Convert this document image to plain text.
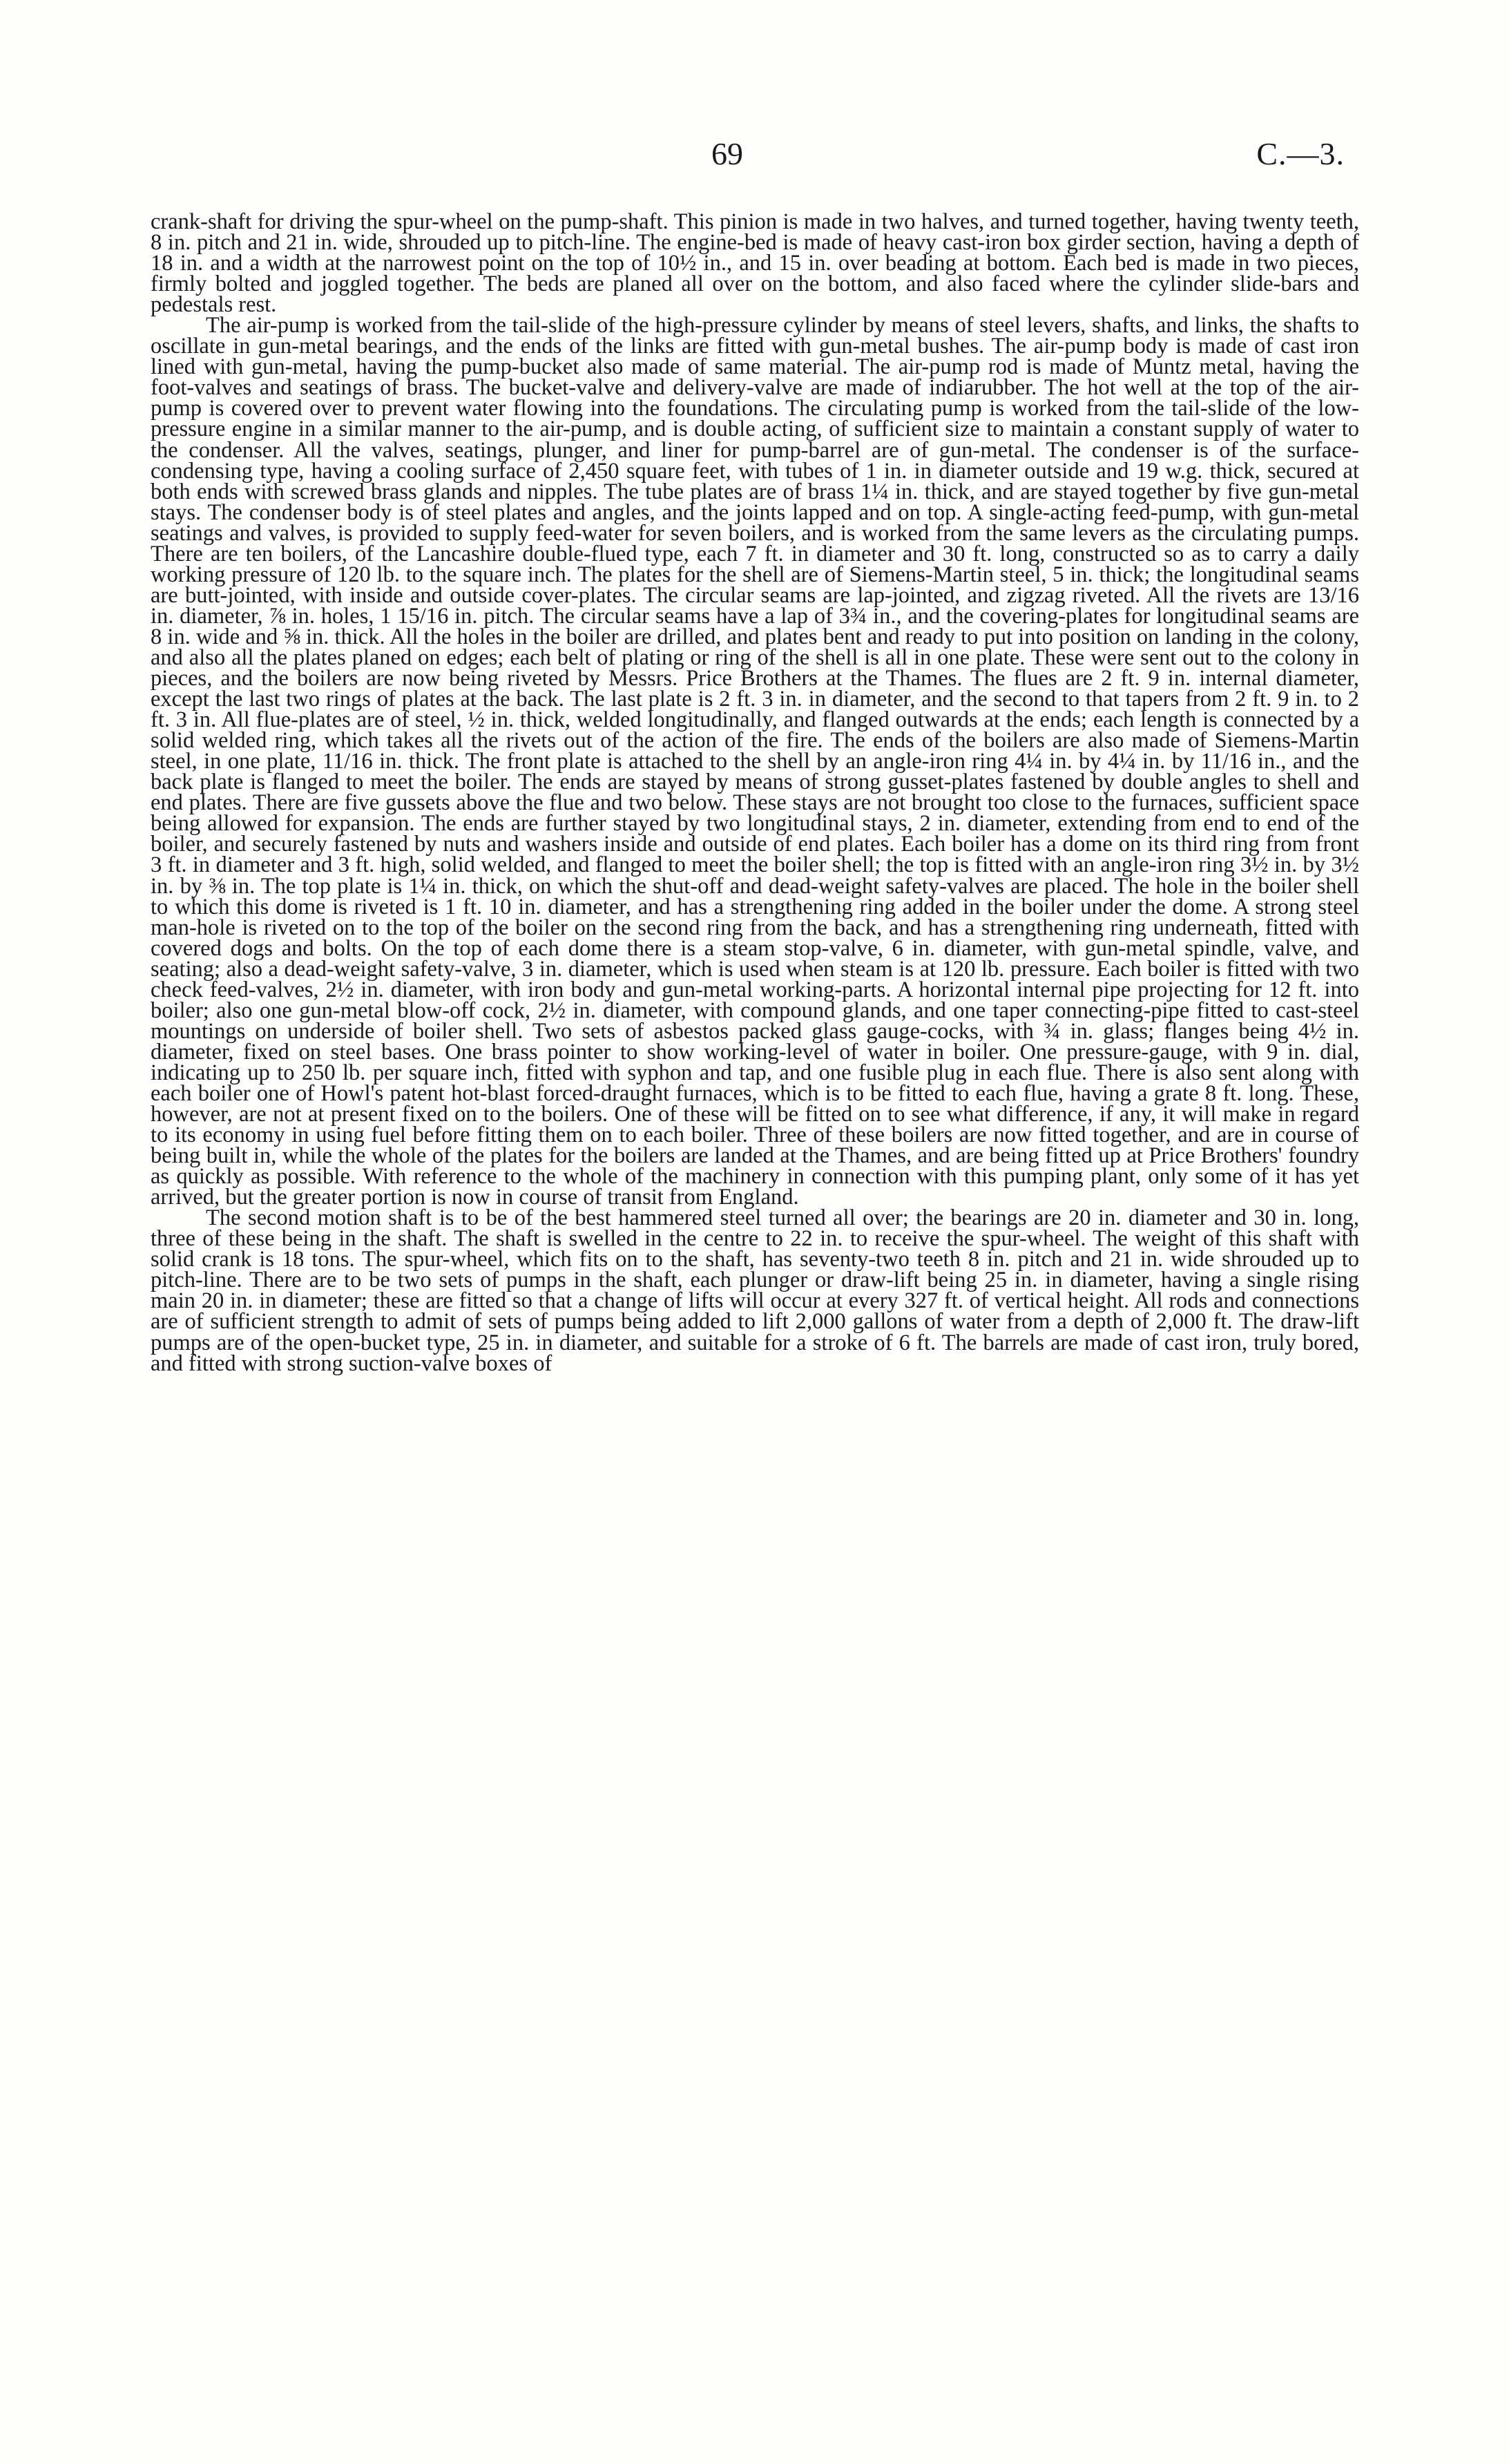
69	C.—3.

crank-shaft for driving the spur-wheel on the pump-shaft. This pinion is made in two halves, and turned together, having twenty teeth, 8 in. pitch and 21 in. wide, shrouded up to pitch-line. The engine-bed is made of heavy cast-iron box girder section, having a depth of 18 in. and a width at the narrowest point on the top of 10½ in., and 15 in. over beading at bottom. Each bed is made in two pieces, firmly bolted and joggled together. The beds are planed all over on the bottom, and also faced where the cylinder slide-bars and pedestals rest.

The air-pump is worked from the tail-slide of the high-pressure cylinder by means of steel levers, shafts, and links, the shafts to oscillate in gun-metal bearings, and the ends of the links are fitted with gun-metal bushes. The air-pump body is made of cast iron lined with gun-metal, having the pump-bucket also made of same material. The air-pump rod is made of Muntz metal, having the foot-valves and seatings of brass. The bucket-valve and delivery-valve are made of indiarubber. The hot well at the top of the air-pump is covered over to prevent water flowing into the foundations. The circulating pump is worked from the tail-slide of the low-pressure engine in a similar manner to the air-pump, and is double acting, of sufficient size to maintain a constant supply of water to the condenser. All the valves, seatings, plunger, and liner for pump-barrel are of gun-metal. The condenser is of the surface-condensing type, having a cooling surface of 2,450 square feet, with tubes of 1 in. in diameter outside and 19 w.g. thick, secured at both ends with screwed brass glands and nipples. The tube plates are of brass 1¼ in. thick, and are stayed together by five gun-metal stays. The condenser body is of steel plates and angles, and the joints lapped and on top. A single-acting feed-pump, with gun-metal seatings and valves, is provided to supply feed-water for seven boilers, and is worked from the same levers as the circulating pumps. There are ten boilers, of the Lancashire double-flued type, each 7 ft. in diameter and 30 ft. long, constructed so as to carry a daily working pressure of 120 lb. to the square inch. The plates for the shell are of Siemens-Martin steel, 5 in. thick; the longitudinal seams are butt-jointed, with inside and outside cover-plates. The circular seams are lap-jointed, and zigzag riveted. All the rivets are 13/16 in. diameter, ⅞ in. holes, 1 15/16 in. pitch. The circular seams have a lap of 3¾ in., and the covering-plates for longitudinal seams are 8 in. wide and ⅝ in. thick. All the holes in the boiler are drilled, and plates bent and ready to put into position on landing in the colony, and also all the plates planed on edges; each belt of plating or ring of the shell is all in one plate. These were sent out to the colony in pieces, and the boilers are now being riveted by Messrs. Price Brothers at the Thames. The flues are 2 ft. 9 in. internal diameter, except the last two rings of plates at the back. The last plate is 2 ft. 3 in. in diameter, and the second to that tapers from 2 ft. 9 in. to 2 ft. 3 in. All flue-plates are of steel, ½ in. thick, welded longitudinally, and flanged outwards at the ends; each length is connected by a solid welded ring, which takes all the rivets out of the action of the fire. The ends of the boilers are also made of Siemens-Martin steel, in one plate, 11/16 in. thick. The front plate is attached to the shell by an angle-iron ring 4¼ in. by 4¼ in. by 11/16 in., and the back plate is flanged to meet the boiler. The ends are stayed by means of strong gusset-plates fastened by double angles to shell and end plates. There are five gussets above the flue and two below. These stays are not brought too close to the furnaces, sufficient space being allowed for expansion. The ends are further stayed by two longitudinal stays, 2 in. diameter, extending from end to end of the boiler, and securely fastened by nuts and washers inside and outside of end plates. Each boiler has a dome on its third ring from front 3 ft. in diameter and 3 ft. high, solid welded, and flanged to meet the boiler shell; the top is fitted with an angle-iron ring 3½ in. by 3½ in. by ⅜ in. The top plate is 1¼ in. thick, on which the shut-off and dead-weight safety-valves are placed. The hole in the boiler shell to which this dome is riveted is 1 ft. 10 in. diameter, and has a strengthening ring added in the boiler under the dome. A strong steel man-hole is riveted on to the top of the boiler on the second ring from the back, and has a strengthening ring underneath, fitted with covered dogs and bolts. On the top of each dome there is a steam stop-valve, 6 in. diameter, with gun-metal spindle, valve, and seating; also a dead-weight safety-valve, 3 in. diameter, which is used when steam is at 120 lb. pressure. Each boiler is fitted with two check feed-valves, 2½ in. diameter, with iron body and gun-metal working-parts. A horizontal internal pipe projecting for 12 ft. into boiler; also one gun-metal blow-off cock, 2½ in. diameter, with compound glands, and one taper connecting-pipe fitted to cast-steel mountings on underside of boiler shell. Two sets of asbestos packed glass gauge-cocks, with ¾ in. glass; flanges being 4½ in. diameter, fixed on steel bases. One brass pointer to show working-level of water in boiler. One pressure-gauge, with 9 in. dial, indicating up to 250 lb. per square inch, fitted with syphon and tap, and one fusible plug in each flue. There is also sent along with each boiler one of Howl's patent hot-blast forced-draught furnaces, which is to be fitted to each flue, having a grate 8 ft. long. These, however, are not at present fixed on to the boilers. One of these will be fitted on to see what difference, if any, it will make in regard to its economy in using fuel before fitting them on to each boiler. Three of these boilers are now fitted together, and are in course of being built in, while the whole of the plates for the boilers are landed at the Thames, and are being fitted up at Price Brothers' foundry as quickly as possible. With reference to the whole of the machinery in connection with this pumping plant, only some of it has yet arrived, but the greater portion is now in course of transit from England.

The second motion shaft is to be of the best hammered steel turned all over; the bearings are 20 in. diameter and 30 in. long, three of these being in the shaft. The shaft is swelled in the centre to 22 in. to receive the spur-wheel. The weight of this shaft with solid crank is 18 tons. The spur-wheel, which fits on to the shaft, has seventy-two teeth 8 in. pitch and 21 in. wide shrouded up to pitch-line. There are to be two sets of pumps in the shaft, each plunger or draw-lift being 25 in. in diameter, having a single rising main 20 in. in diameter; these are fitted so that a change of lifts will occur at every 327 ft. of vertical height. All rods and connections are of sufficient strength to admit of sets of pumps being added to lift 2,000 gallons of water from a depth of 2,000 ft. The draw-lift pumps are of the open-bucket type, 25 in. in diameter, and suitable for a stroke of 6 ft. The barrels are made of cast iron, truly bored, and fitted with strong suction-valve boxes of
